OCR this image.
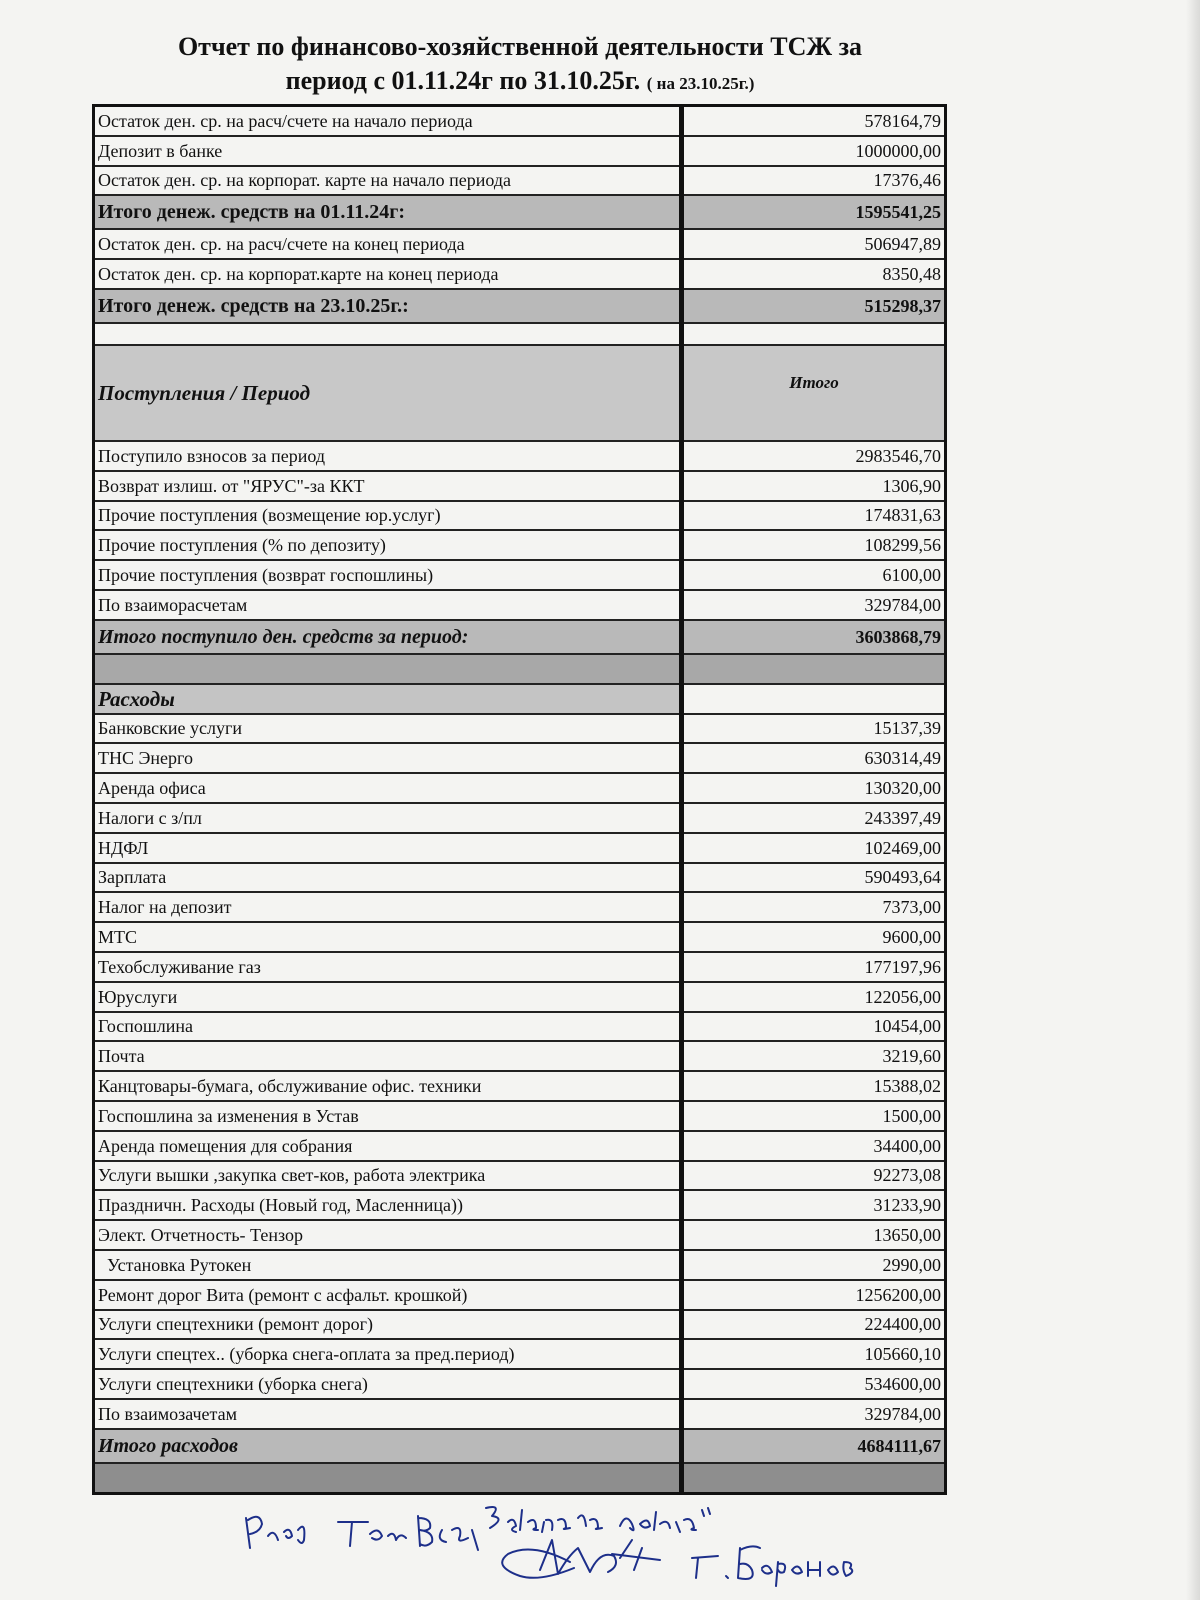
Отчет по финансово-хозяйственной деятельности ТСЖ за
период с 01.11.24г по 31.10.25г. ( на 23.10.25г.)
Остаток ден. ср. на расч/счете на начало периода	578164,79
Депозит в банке	1000000,00
Остаток ден. ср. на корпорат. карте на начало периода	17376,46
Итого денеж. средств на 01.11.24г:	1595541,25
Остаток ден. ср. на расч/счете на конец периода	506947,89
Остаток ден. ср. на корпорат.карте на конец периода	8350,48
Итого денеж. средств на 23.10.25г.:	515298,37

Поступления / Период	Итого
Поступило взносов за период	2983546,70
Возврат излиш. от "ЯРУС"-за ККТ	1306,90
Прочие поступления (возмещение юр.услуг)	174831,63
Прочие поступления (% по депозиту)	108299,56
Прочие поступления (возврат госпошлины)	6100,00
По взаиморасчетам	329784,00
Итого поступило ден. средств за период:	3603868,79

Расходы	
Банковские услуги	15137,39
ТНС Энерго	630314,49
Аренда офиса	130320,00
Налоги с з/пл	243397,49
НДФЛ	102469,00
Зарплата	590493,64
Налог на депозит	7373,00
МТС	9600,00
Техобслуживание газ	177197,96
Юруслуги	122056,00
Госпошлина	10454,00
Почта	3219,60
Канцтовары-бумага, обслуживание офис. техники	15388,02
Госпошлина за изменения в Устав	1500,00
Аренда помещения для собрания	34400,00
Услуги вышки ,закупка свет-ков, работа электрика	92273,08
Праздничн. Расходы (Новый год, Масленница))	31233,90
Элект. Отчетность- Тензор	13650,00
Установка Рутокен	2990,00
Ремонт дорог Вита (ремонт с асфальт. крошкой)	1256200,00
Услуги спецтехники (ремонт дорог)	224400,00
Услуги спецтех.. (уборка снега-оплата за пред.период)	105660,10
Услуги спецтехники (уборка снега)	534600,00
По взаимозачетам	329784,00
Итого расходов	4684111,67
